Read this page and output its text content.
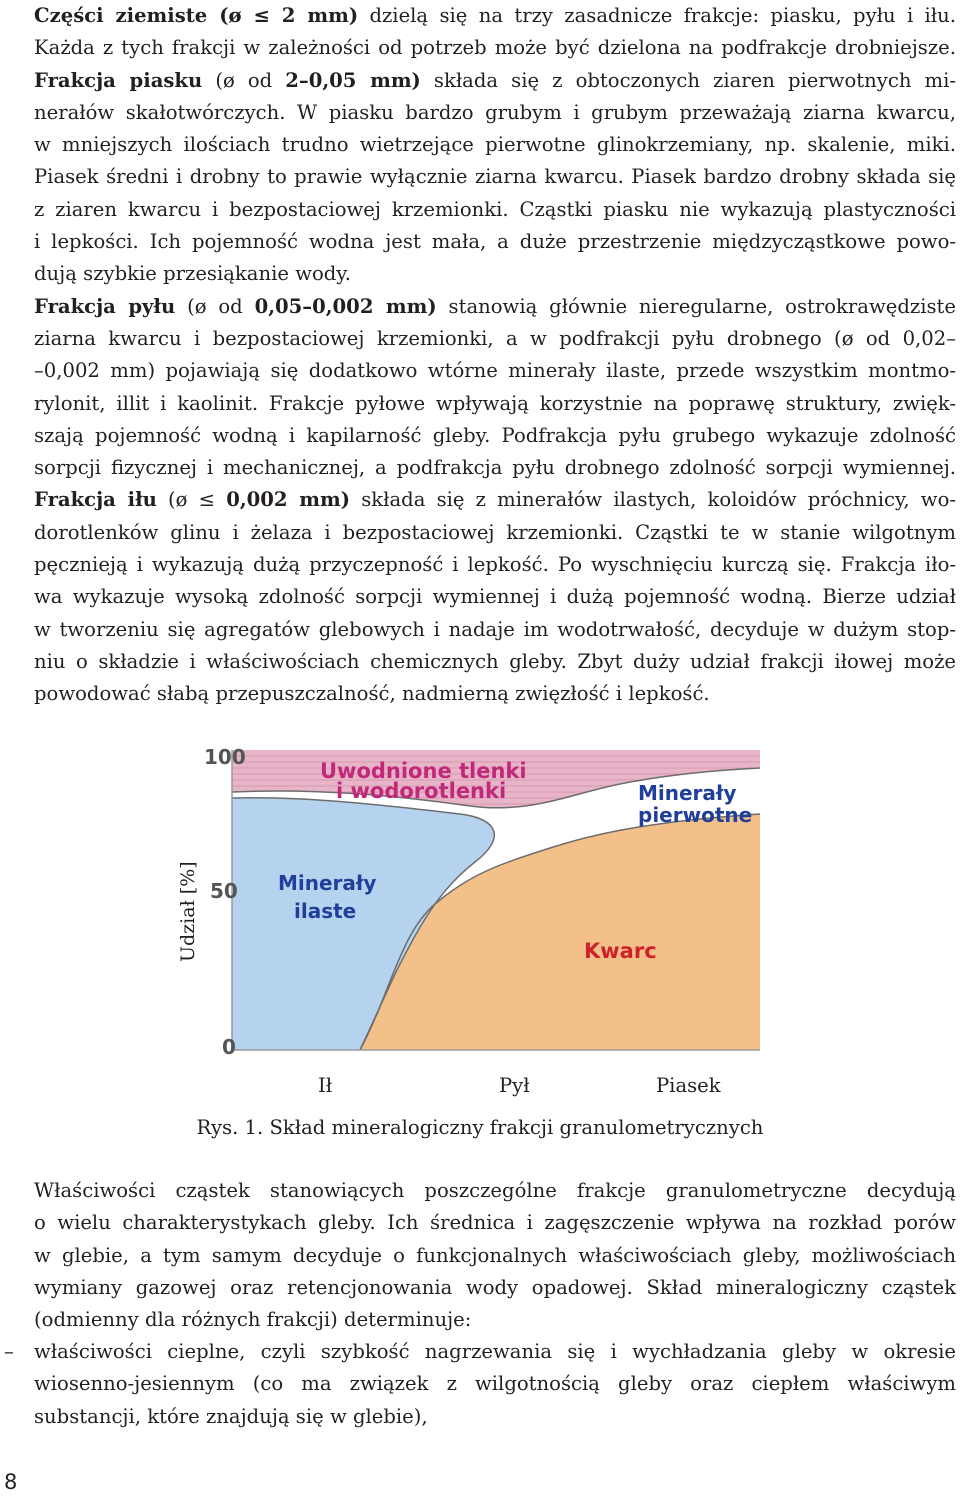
Części ziemiste (ø ≤ 2 mm) dzielą się na trzy zasadnicze frakcje: piasku, pyłu i iłu.
Każda z tych frakcji w zależności od potrzeb może być dzielona na podfrakcje drobniejsze.
Frakcja piasku (ø od 2–0,05 mm) składa się z obtoczonych ziaren pierwotnych mi-
nerałów skałotwórczych. W piasku bardzo grubym i grubym przeważają ziarna kwarcu,
w mniejszych ilościach trudno wietrzejące pierwotne glinokrzemiany, np. skalenie, miki.
Piasek średni i drobny to prawie wyłącznie ziarna kwarcu. Piasek bardzo drobny składa się
z ziaren kwarcu i bezpostaciowej krzemionki. Cząstki piasku nie wykazują plastyczności
i lepkości. Ich pojemność wodna jest mała, a duże przestrzenie międzycząstkowe powo-
dują szybkie przesiąkanie wody.
Frakcja pyłu (ø od 0,05–0,002 mm) stanowią głównie nieregularne, ostrokrawędziste
ziarna kwarcu i bezpostaciowej krzemionki, a w podfrakcji pyłu drobnego (ø od 0,02–
–0,002 mm) pojawiają się dodatkowo wtórne minerały ilaste, przede wszystkim montmo-
rylonit, illit i kaolinit. Frakcje pyłowe wpływają korzystnie na poprawę struktury, zwięk-
szają pojemność wodną i kapilarność gleby. Podfrakcja pyłu grubego wykazuje zdolność
sorpcji fizycznej i mechanicznej, a podfrakcja pyłu drobnego zdolność sorpcji wymiennej.
Frakcja iłu (ø ≤ 0,002 mm) składa się z minerałów ilastych, koloidów próchnicy, wo-
dorotlenków glinu i żelaza i bezpostaciowej krzemionki. Cząstki te w stanie wilgotnym
pęcznieją i wykazują dużą przyczepność i lepkość. Po wyschnięciu kurczą się. Frakcja iło-
wa wykazuje wysoką zdolność sorpcji wymiennej i dużą pojemność wodną. Bierze udział
w tworzeniu się agregatów glebowych i nadaje im wodotrwałość, decyduje w dużym stop-
niu o składzie i właściwościach chemicznych gleby. Zbyt duży udział frakcji iłowej może
powodować słabą przepuszczalność, nadmierną zwięzłość i lepkość.
Udział [%]
100
50
0
Uwodnione tlenki
i wodorotlenki	Minerały
pierwotne
Minerały
ilaste
Kwarc
Ił	Pył	Piasek
Rys. 1. Skład mineralogiczny frakcji granulometrycznych
Właściwości cząstek stanowiących poszczególne frakcje granulometryczne decydują
o wielu charakterystykach gleby. Ich średnica i zagęszczenie wpływa na rozkład porów
w glebie, a tym samym decyduje o funkcjonalnych właściwościach gleby, możliwościach
wymiany gazowej oraz retencjonowania wody opadowej. Skład mineralogiczny cząstek
(odmienny dla różnych frakcji) determinuje:
– właściwości cieplne, czyli szybkość nagrzewania się i wychładzania gleby w okresie
wiosenno-jesiennym (co ma związek z wilgotnością gleby oraz ciepłem właściwym
substancji, które znajdują się w glebie),
8
